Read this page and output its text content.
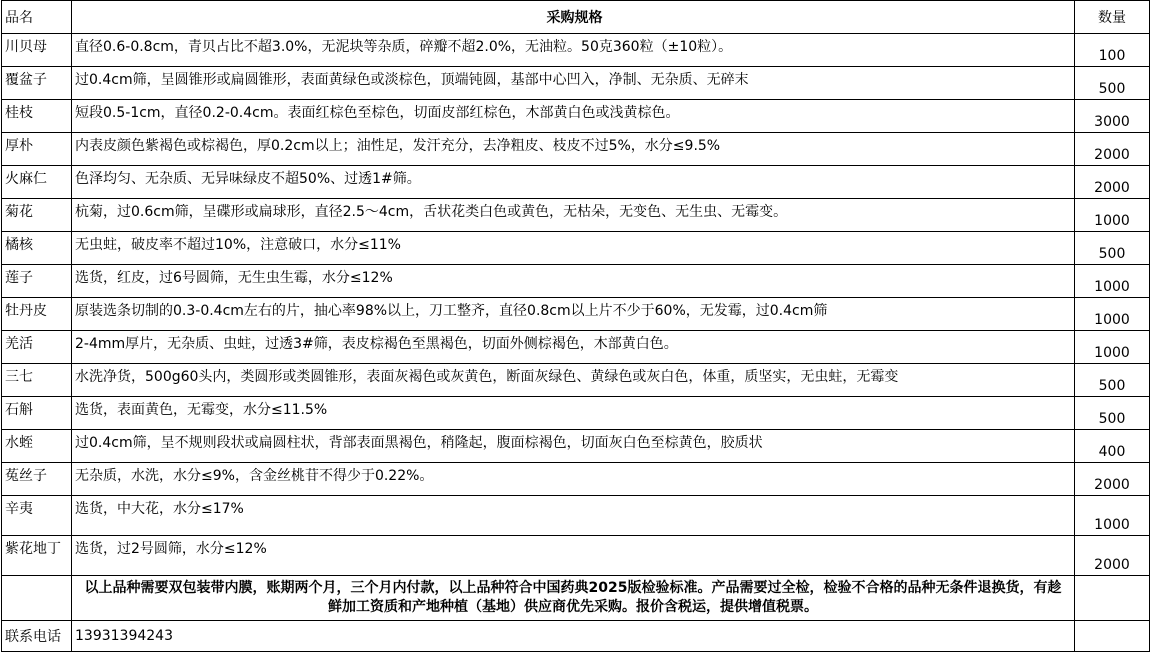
品名	采购规格	数量
川贝母	直径0.6-0.8cm，青贝占比不超3.0%，无泥块等杂质，碎瓣不超2.0%，无油粒。50克360粒（±10粒）。	100
覆盆子	过0.4cm筛，呈圆锥形或扁圆锥形，表面黄绿色或淡棕色，顶端钝圆，基部中心凹入，净制、无杂质、无碎末	500
桂枝	短段0.5-1cm，直径0.2-0.4cm。表面红棕色至棕色，切面皮部红棕色，木部黄白色或浅黄棕色。	3000
厚朴	内表皮颜色紫褐色或棕褐色，厚0.2cm以上；油性足，发汗充分，去净粗皮、枝皮不过5%，水分≤9.5%	2000
火麻仁	色泽均匀、无杂质、无异味绿皮不超50%、过透1#筛。	2000
菊花	杭菊，过0.6cm筛，呈碟形或扁球形，直径2.5～4cm，舌状花类白色或黄色，无枯朵，无变色、无生虫、无霉变。	1000
橘核	无虫蛀，破皮率不超过10%，注意破口，水分≤11%	500
莲子	选货，红皮，过6号圆筛，无生虫生霉，水分≤12%	1000
牡丹皮	原装选条切制的0.3-0.4cm左右的片，抽心率98%以上，刀工整齐，直径0.8cm以上片不少于60%，无发霉，过0.4cm筛	1000
羌活	2-4mm厚片，无杂质、虫蛀，过透3#筛，表皮棕褐色至黑褐色，切面外侧棕褐色，木部黄白色。	1000
三七	水洗净货，500g60头内，类圆形或类圆锥形，表面灰褐色或灰黄色，断面灰绿色、黄绿色或灰白色，体重，质坚实，无虫蛀，无霉变	500
石斛	选货，表面黄色，无霉变，水分≤11.5%	500
水蛭	过0.4cm筛，呈不规则段状或扁圆柱状，背部表面黑褐色，稍隆起，腹面棕褐色，切面灰白色至棕黄色，胶质状	400
菟丝子	无杂质，水洗，水分≤9%，含金丝桃苷不得少于0.22%。	2000
辛夷	选货，中大花，水分≤17%	1000
紫花地丁	选货，过2号圆筛，水分≤12%	2000
	以上品种需要双包装带内膜，账期两个月，三个月内付款，以上品种符合中国药典2025版检验标准。产品需要过全检，检验不合格的品种无条件退换货，有趁鲜加工资质和产地种植（基地）供应商优先采购。报价含税运，提供增值税票。	
联系电话	13931394243	
